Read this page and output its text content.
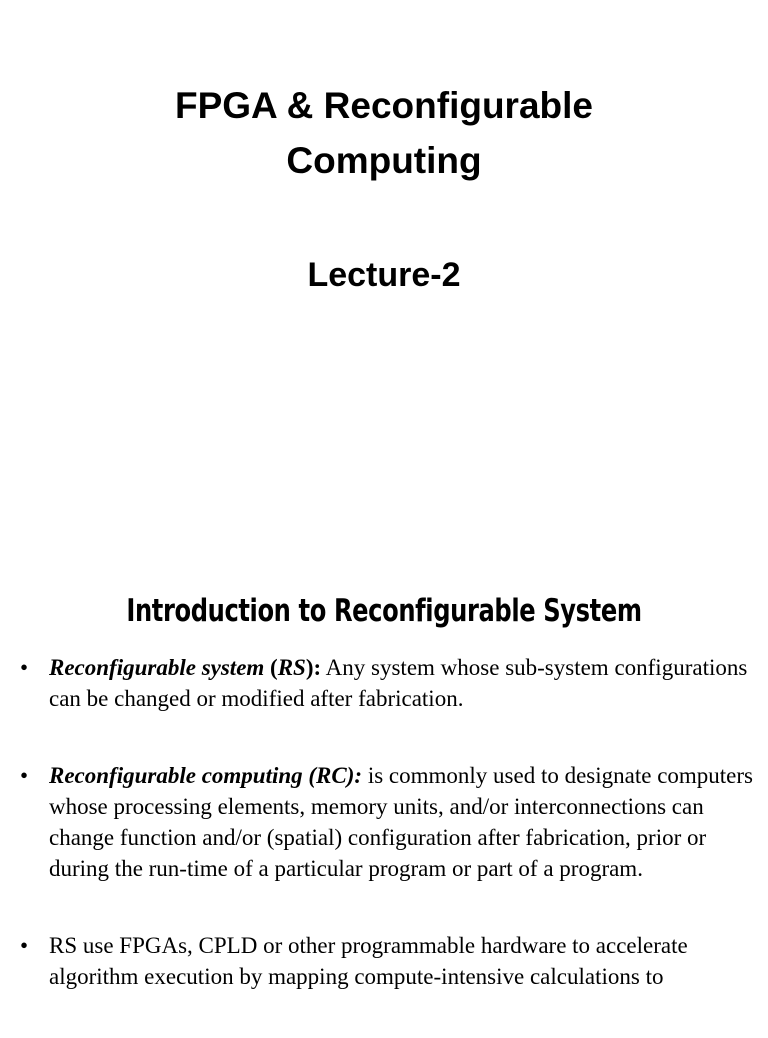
FPGA & Reconfigurable
Computing
Lecture-2
Introduction to Reconfigurable System
• Reconfigurable system (RS): Any system whose sub-system configurations can be changed or modified after fabrication.
• Reconfigurable computing (RC): is commonly used to designate computers whose processing elements, memory units, and/or interconnections can change function and/or (spatial) configuration after fabrication, prior or during the run-time of a particular program or part of a program.
• RS use FPGAs, CPLD or other programmable hardware to accelerate algorithm execution by mapping compute-intensive calculations to
